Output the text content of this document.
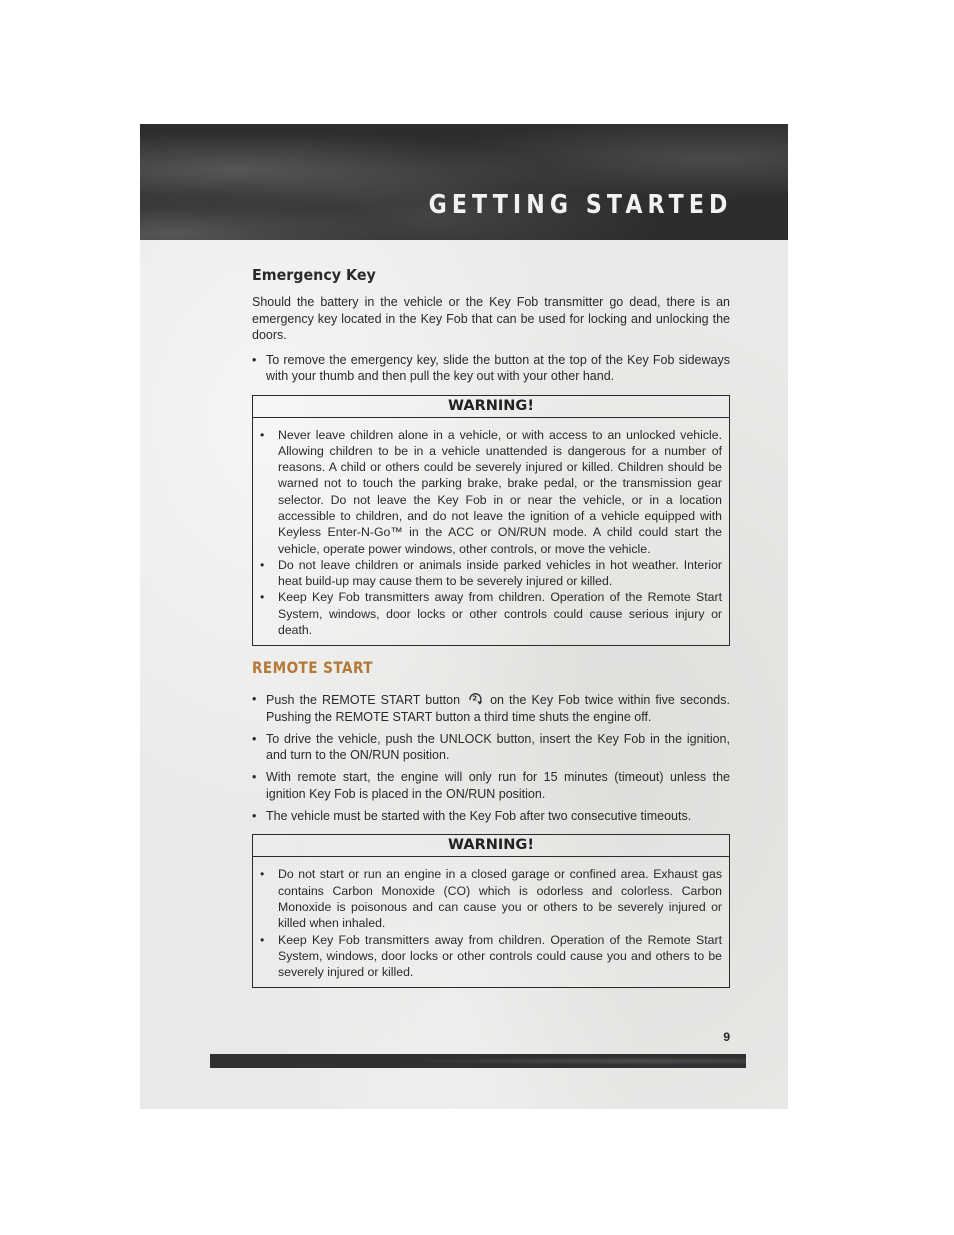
GETTING STARTED
Emergency Key

Should the battery in the vehicle or the Key Fob transmitter go dead, there is an emergency key located in the Key Fob that can be used for locking and unlocking the doors.

• To remove the emergency key, slide the button at the top of the Key Fob sideways with your thumb and then pull the key out with your other hand.
WARNING!
• Never leave children alone in a vehicle, or with access to an unlocked vehicle. Allowing children to be in a vehicle unattended is dangerous for a number of reasons. A child or others could be severely injured or killed. Children should be warned not to touch the parking brake, brake pedal, or the transmission gear selector. Do not leave the Key Fob in or near the vehicle, or in a location accessible to children, and do not leave the ignition of a vehicle equipped with Keyless Enter-N-Go™ in the ACC or ON/RUN mode. A child could start the vehicle, operate power windows, other controls, or move the vehicle.
• Do not leave children or animals inside parked vehicles in hot weather. Interior heat build-up may cause them to be severely injured or killed.
• Keep Key Fob transmitters away from children. Operation of the Remote Start System, windows, door locks or other controls could cause serious injury or death.
REMOTE START
• Push the REMOTE START button 2 on the Key Fob twice within five seconds. Pushing the REMOTE START button a third time shuts the engine off.
• To drive the vehicle, push the UNLOCK button, insert the Key Fob in the ignition, and turn to the ON/RUN position.
• With remote start, the engine will only run for 15 minutes (timeout) unless the ignition Key Fob is placed in the ON/RUN position.
• The vehicle must be started with the Key Fob after two consecutive timeouts.
WARNING!
• Do not start or run an engine in a closed garage or confined area. Exhaust gas contains Carbon Monoxide (CO) which is odorless and colorless. Carbon Monoxide is poisonous and can cause you or others to be severely injured or killed when inhaled.
• Keep Key Fob transmitters away from children. Operation of the Remote Start System, windows, door locks or other controls could cause you and others to be severely injured or killed.
9
